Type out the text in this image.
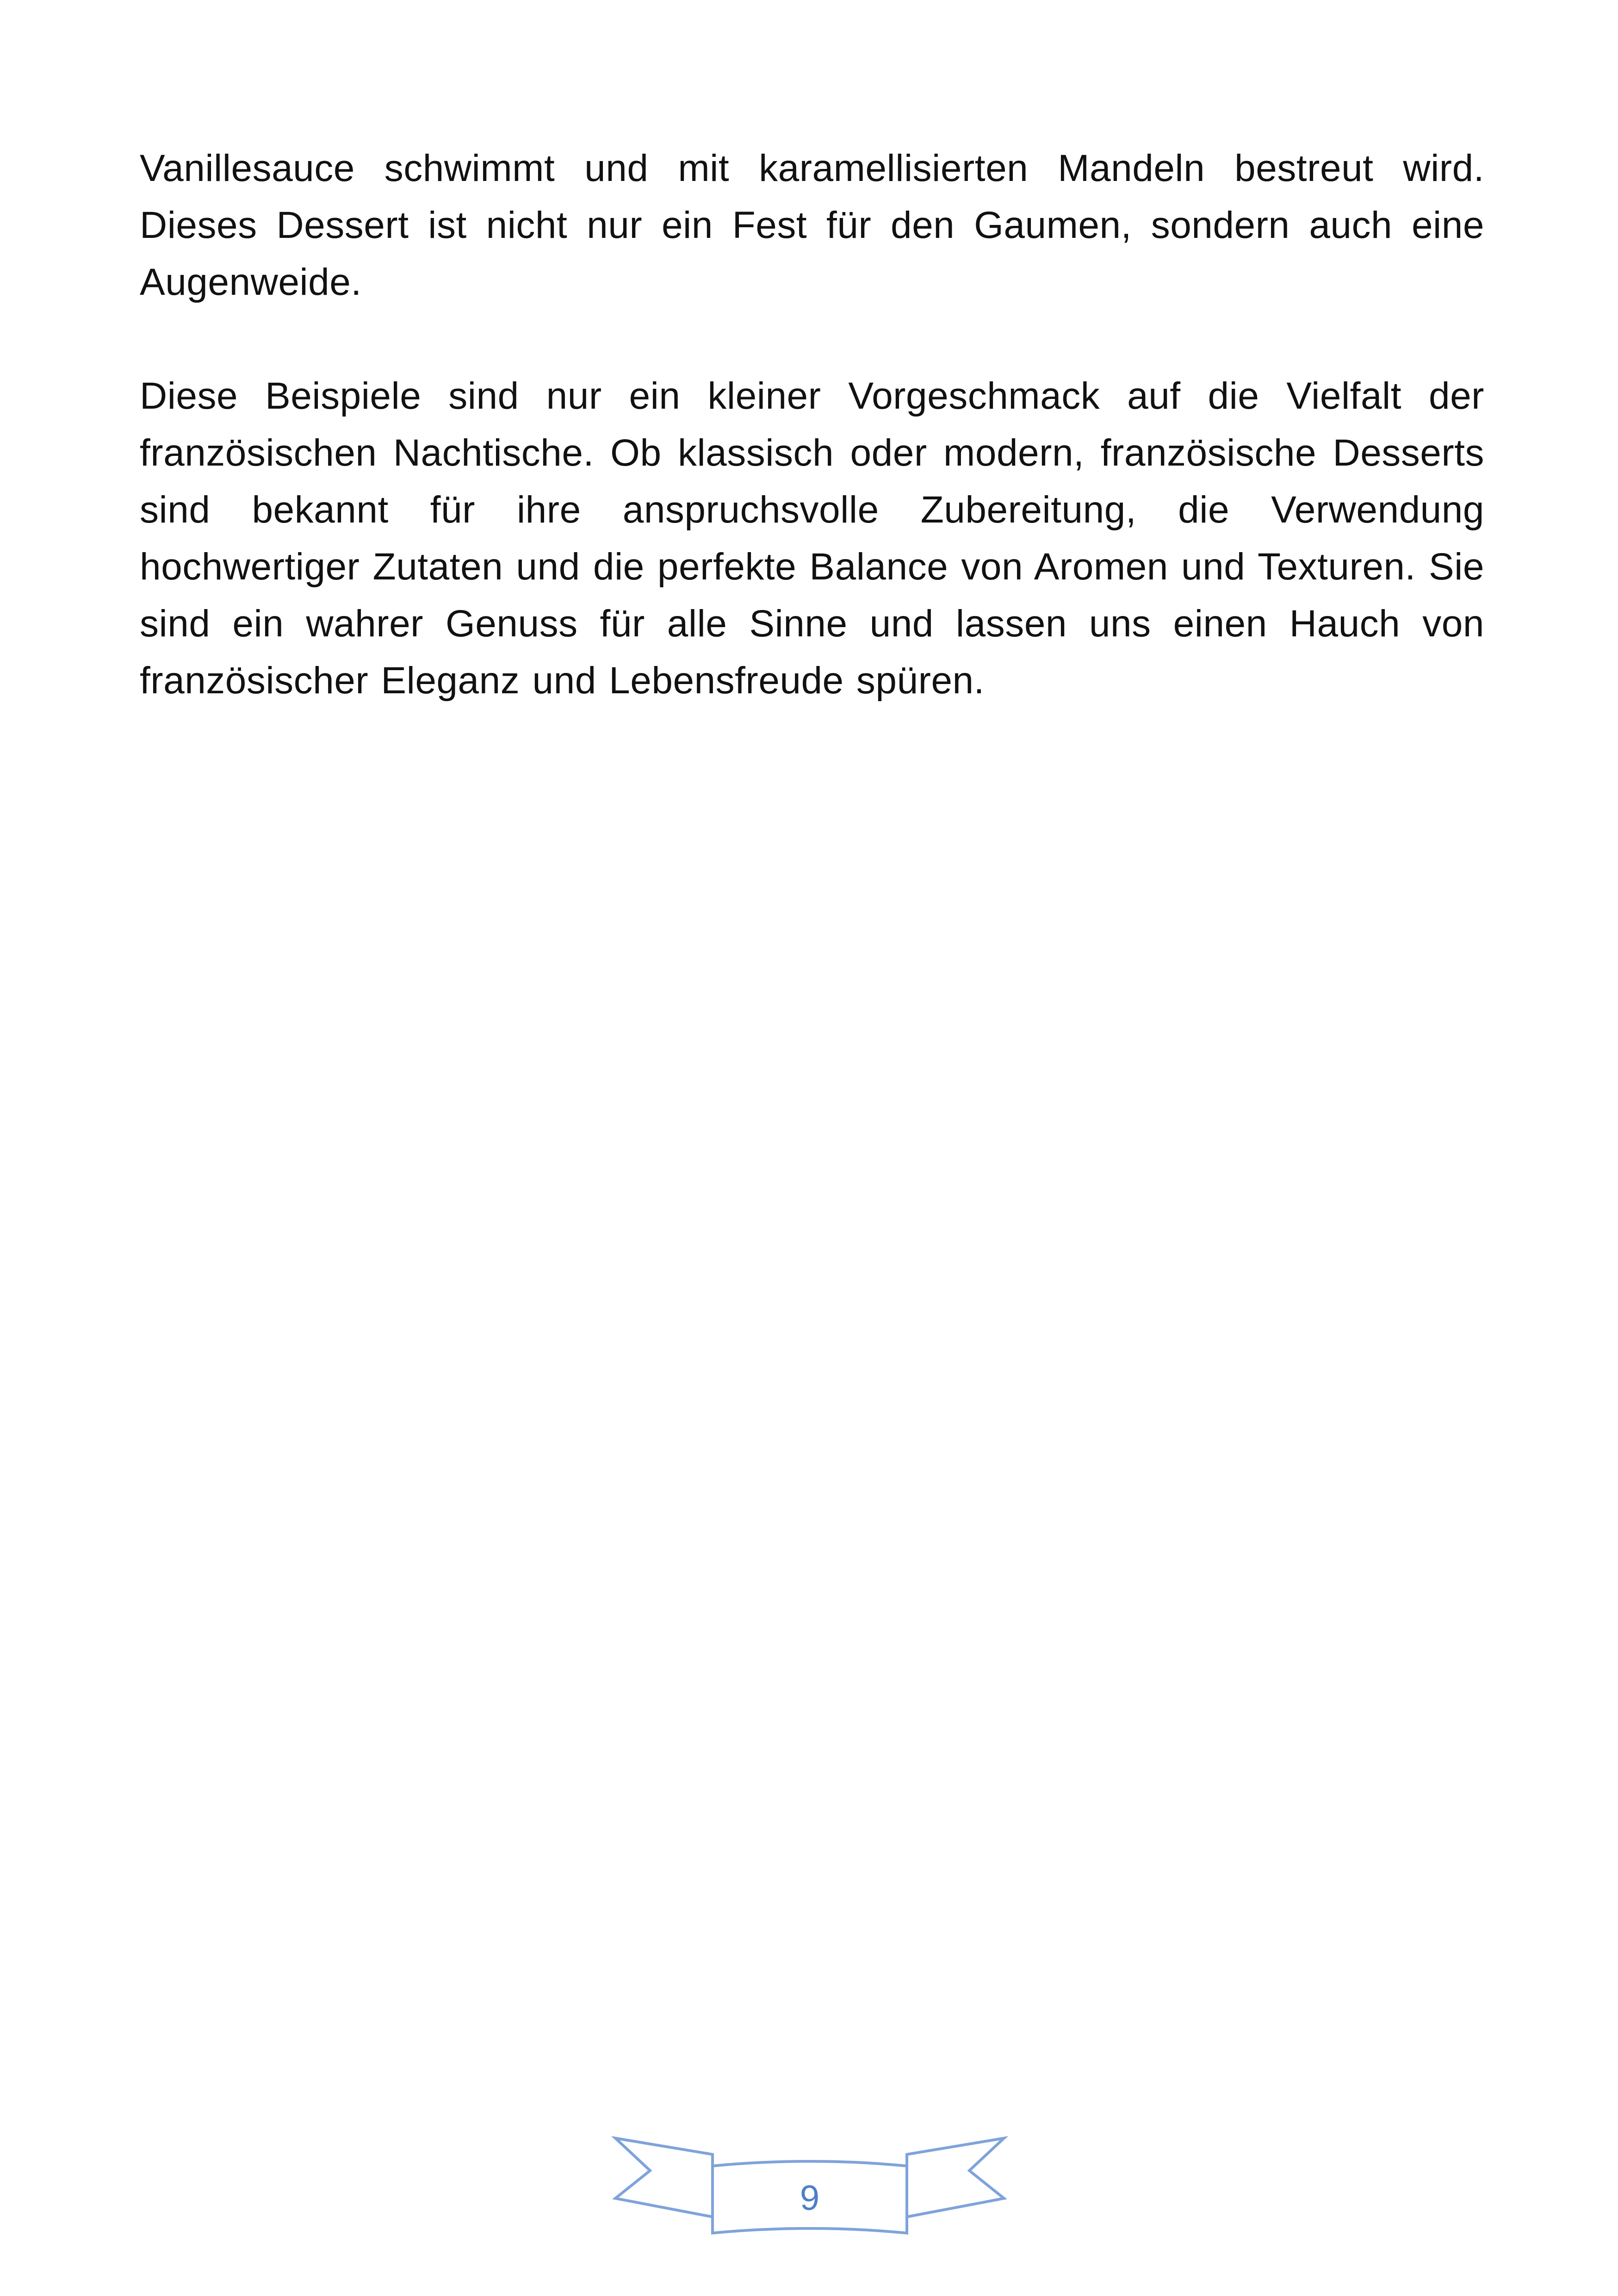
Vanillesauce schwimmt und mit karamellisierten Mandeln bestreut wird. Dieses Dessert ist nicht nur ein Fest für den Gaumen, sondern auch eine Augenweide.

Diese Beispiele sind nur ein kleiner Vorgeschmack auf die Vielfalt der französischen Nachtische. Ob klassisch oder modern, französische Desserts sind bekannt für ihre anspruchsvolle Zubereitung, die Verwendung hochwertiger Zutaten und die perfekte Balance von Aromen und Texturen. Sie sind ein wahrer Genuss für alle Sinne und lassen uns einen Hauch von französischer Eleganz und Lebensfreude spüren.

9
